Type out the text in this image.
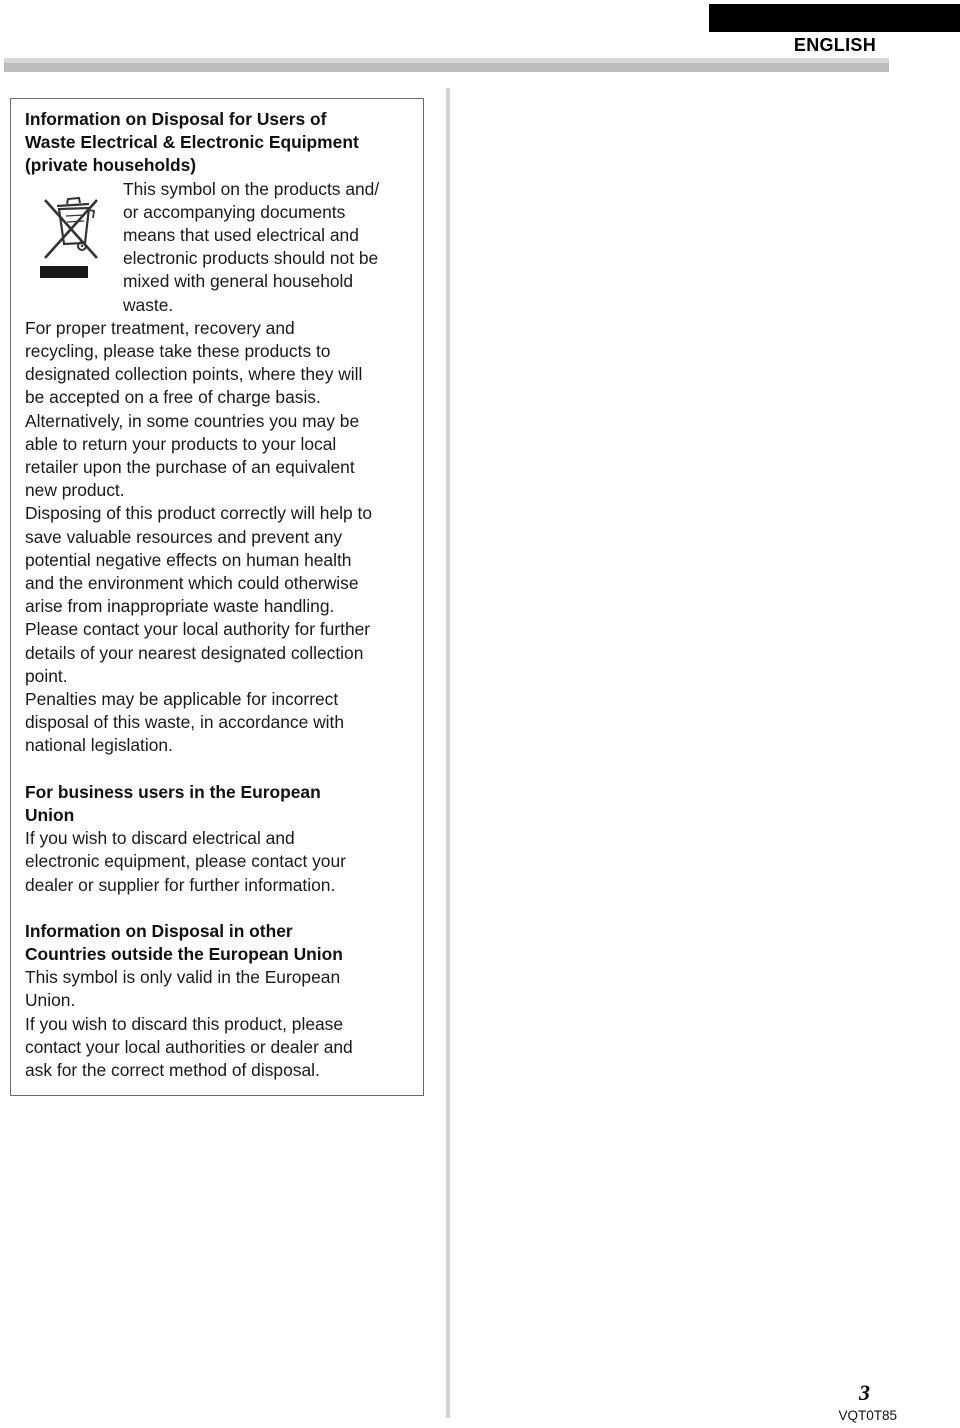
ENGLISH

Information on Disposal for Users of
Waste Electrical & Electronic Equipment
(private households)

This symbol on the products and/
or accompanying documents
means that used electrical and
electronic products should not be
mixed with general household
waste.

For proper treatment, recovery and
recycling, please take these products to
designated collection points, where they will
be accepted on a free of charge basis.

Alternatively, in some countries you may be
able to return your products to your local
retailer upon the purchase of an equivalent
new product.

Disposing of this product correctly will help to
save valuable resources and prevent any
potential negative effects on human health
and the environment which could otherwise
arise from inappropriate waste handling.

Please contact your local authority for further
details of your nearest designated collection
point.

Penalties may be applicable for incorrect
disposal of this waste, in accordance with
national legislation.

For business users in the European
Union

If you wish to discard electrical and
electronic equipment, please contact your
dealer or supplier for further information.

Information on Disposal in other
Countries outside the European Union

This symbol is only valid in the European
Union.

If you wish to discard this product, please
contact your local authorities or dealer and
ask for the correct method of disposal.

3
VQT0T85
